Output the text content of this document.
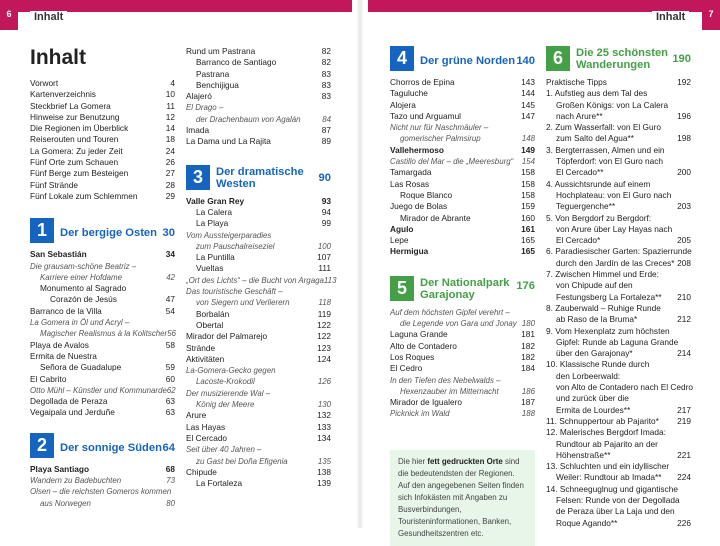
6	Inhalt	Inhalt	7
Inhalt
Vorwort	4
Kartenverzeichnis	10
Steckbrief La Gomera	11
Hinweise zur Benutzung	12
Die Regionen im Überblick	14
Reiserouten und Touren	18
La Gomera: Zu jeder Zeit	24
Fünf Orte zum Schauen	26
Fünf Berge zum Besteigen	27
Fünf Strände	28
Fünf Lokale zum Schlemmen	29
1	Der bergige Osten 30
San Sebastián	34
Die grausam-schöne Beatriz –
Karriere einer Hofdame	42
Monumento al Sagrado
Corazón de Jesús	47
Barranco de la Villa	54
La Gomera in Öl und Acryl –
Magischer Realismus à la Kolitscher 56
Playa de Avalos	58
Ermita de Nuestra
Señora de Guadalupe	59
El Cabrito	60
Otto Mühl – Künstler und Kommunarde 62
Degollada de Peraza	63
Vegaipala und Jerduñe	63
2	Der sonnige Süden 64
Playa Santiago	68
Wandern zu Badebuchten	73
Olsen – die reichsten Gomeros kommen
aus Norwegen	80
Rund um Pastrana	82
Barranco de Santiago	82
Pastrana	83
Benchijigua	83
Alajeró	83
El Drago –
der Drachenbaum von Agalán	84
Imada	87
La Dama und La Rajita	89
3	Der dramatische Westen	90
Valle Gran Rey	93
La Calera	94
La Playa	99
Vom Aussteigerparadies
zum Pauschalreiseziel	100
La Puntilla	107
Vueltas	111
„Ort des Lichts“ – die Bucht von Argaga 113
Das touristische Geschäft –
von Siegern und Verlierern	118
Borbalán	119
Obertal	122
Mirador del Palmarejo	122
Strände	123
Aktivitäten	124
La-Gomera-Gecko gegen
Lacoste-Krokodil	126
Der musizierende Wal –
König der Meere	130
Arure	132
Las Hayas	133
El Cercado	134
Seit über 40 Jahren –
zu Gast bei Doña Efigenia	135
Chipude	138
La Fortaleza	139
4	Der grüne Norden 140
Chorros de Epina	143
Taguluche	144
Alojera	145
Tazo und Arguamul	147
Nicht nur für Naschmäuler –
gomerischer Palmsirup	148
Vallehermoso	149
Castillo del Mar – die „Meeresburg“ 154
Tamargada	158
Las Rosas	158
Roque Blanco	158
Juego de Bolas	159
Mirador de Abrante	160
Agulo	161
Lepe	165
Hermigua	165
5	Der Nationalpark Garajonay
176
Auf dem höchsten Gipfel verehrt –
die Legende von Gara und Jonay 180
Laguna Grande	181
Alto de Contadero	182
Los Roques	182
El Cedro	184
In den Tiefen des Nebelwalds –
Hexenzauber im Mitternacht	186
Mirador de Igualero	187
Picknick im Wald	188
Die hier fett gedruckten Orte sind die bedeutendsten der Regionen. Auf den angegebenen Seiten finden sich Infokästen mit Angaben zu Busverbindungen, Touristeninformationen, Banken, Gesundheitszentren etc.
6	Die 25 schönsten Wanderungen	190
Praktische Tipps	192
1. Aufstieg aus dem Tal des
Großen Königs: von La Calera
nach Arure**	196
2. Zum Wasserfall: von El Guro
zum Salto del Agua**	198
3. Bergterrassen, Almen und ein
Töpferdorf: von El Guro nach
El Cercado**	200
4. Aussichtsrunde auf einem
Hochplateau: von El Guro nach
Teguergenche**	203
5. Von Bergdorf zu Bergdorf:
von Arure über Lay Hayas nach
El Cercado*	205
6. Paradiesischer Garten: Spazierrunde
durch den Jardín de las Creces* 208
7. Zwischen Himmel und Erde:
von Chipude auf den
Festungsberg La Fortaleza** 210
8. Zauberwald – Ruhige Runde
ab Raso de la Bruma*	212
9. Vom Hexenplatz zum höchsten
Gipfel: Runde ab Laguna Grande
über den Garajonay*	214
10. Klassische Runde durch
den Lorbeerwald:
von Alto de Contadero nach El Cedro
und zurück über die
Ermita de Lourdes**	217
11. Schnuppertour ab Pajarito* 219
12. Malerisches Bergdorf Imada:
Rundtour ab Pajarito an der
Höhenstraße**	221
13. Schluchten und ein idyllischer
Weiler: Rundtour ab Imada** 224
14. Schneeguglnug und gigantische
Felsen: Runde von der Degollada
de Peraza über La Laja und den
Roque Agando**	226
